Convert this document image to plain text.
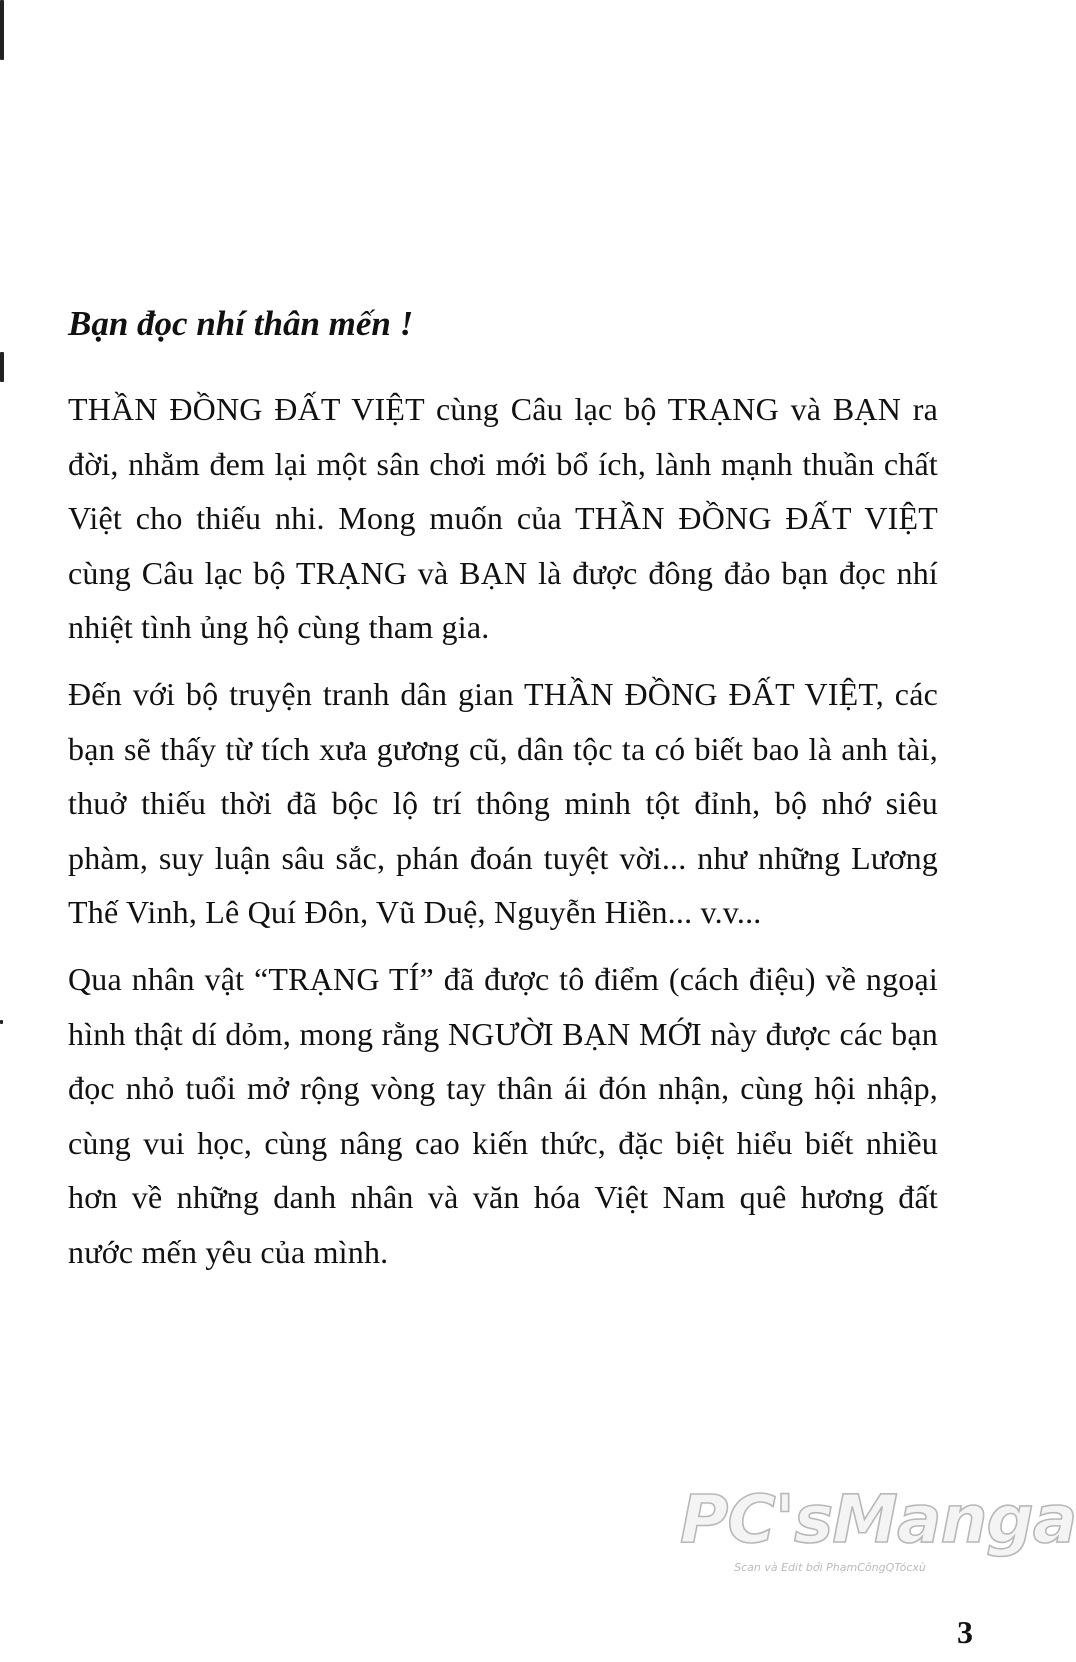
Bạn đọc nhí thân mến !

THẦN ĐỒNG ĐẤT VIỆT cùng Câu lạc bộ TRẠNG và BẠN ra đời, nhằm đem lại một sân chơi mới bổ ích, lành mạnh thuần chất Việt cho thiếu nhi. Mong muốn của THẦN ĐỒNG ĐẤT VIỆT cùng Câu lạc bộ TRẠNG và BẠN là được đông đảo bạn đọc nhí nhiệt tình ủng hộ cùng tham gia.

Đến với bộ truyện tranh dân gian THẦN ĐỒNG ĐẤT VIỆT, các bạn sẽ thấy từ tích xưa gương cũ, dân tộc ta có biết bao là anh tài, thuở thiếu thời đã bộc lộ trí thông minh tột đỉnh, bộ nhớ siêu phàm, suy luận sâu sắc, phán đoán tuyệt vời... như những Lương Thế Vinh, Lê Quí Đôn, Vũ Duệ, Nguyễn Hiền... v.v...

Qua nhân vật “TRẠNG TÍ” đã được tô điểm (cách điệu) về ngoại hình thật dí dỏm, mong rằng NGƯỜI BẠN MỚI này được các bạn đọc nhỏ tuổi mở rộng vòng tay thân ái đón nhận, cùng hội nhập, cùng vui học, cùng nâng cao kiến thức, đặc biệt hiểu biết nhiều hơn về những danh nhân và văn hóa Việt Nam quê hương đất nước mến yêu của mình.

PC'sManga
Scan và Edit bởi PhạmCôngQTócxù
3
